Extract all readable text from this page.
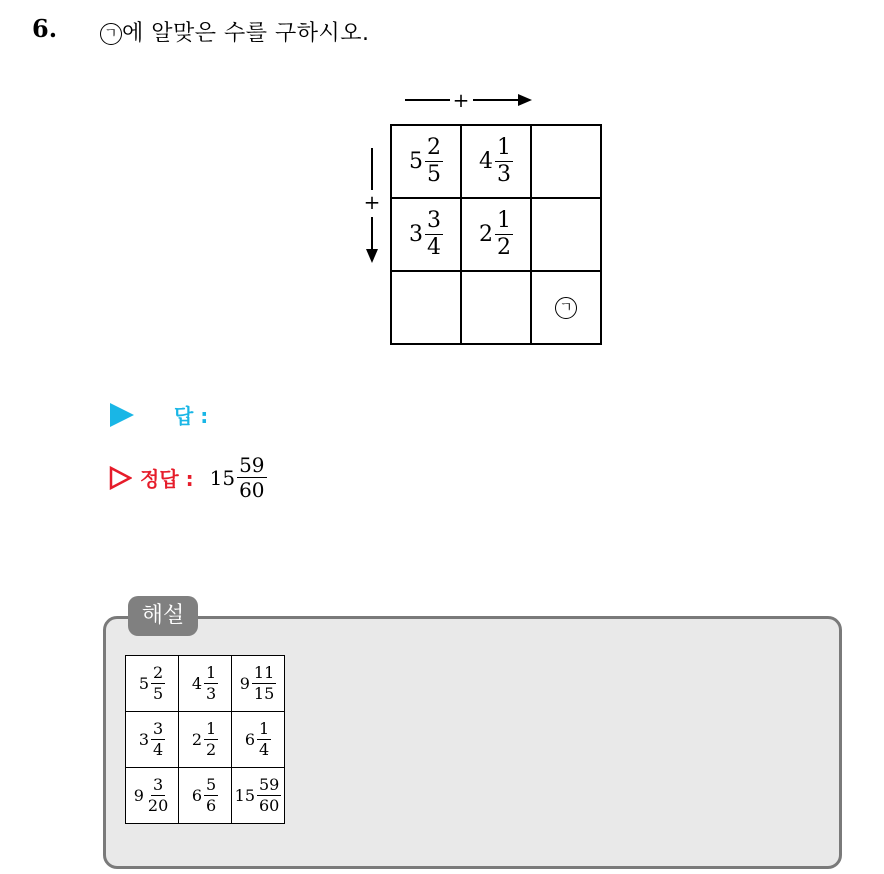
6.	ㄱ 에 알맞은 수를 구하시오.
+
+
$5 \frac{2}{5}$	$4 \frac{1}{3}$

$3 \frac{3}{4}$	$2 \frac{1}{2}$

		ㄱ
답 :
정답 : $15 \frac{59}{60}$
해설
$5 \frac{2}{5}$	$4 \frac{1}{3}$	$9 \frac{11}{15}$

$3 \frac{3}{4}$	$2 \frac{1}{2}$	$6 \frac{1}{4}$

$9 \frac{3}{20}$	$6 \frac{5}{6}$	$15 \frac{59}{60}$
